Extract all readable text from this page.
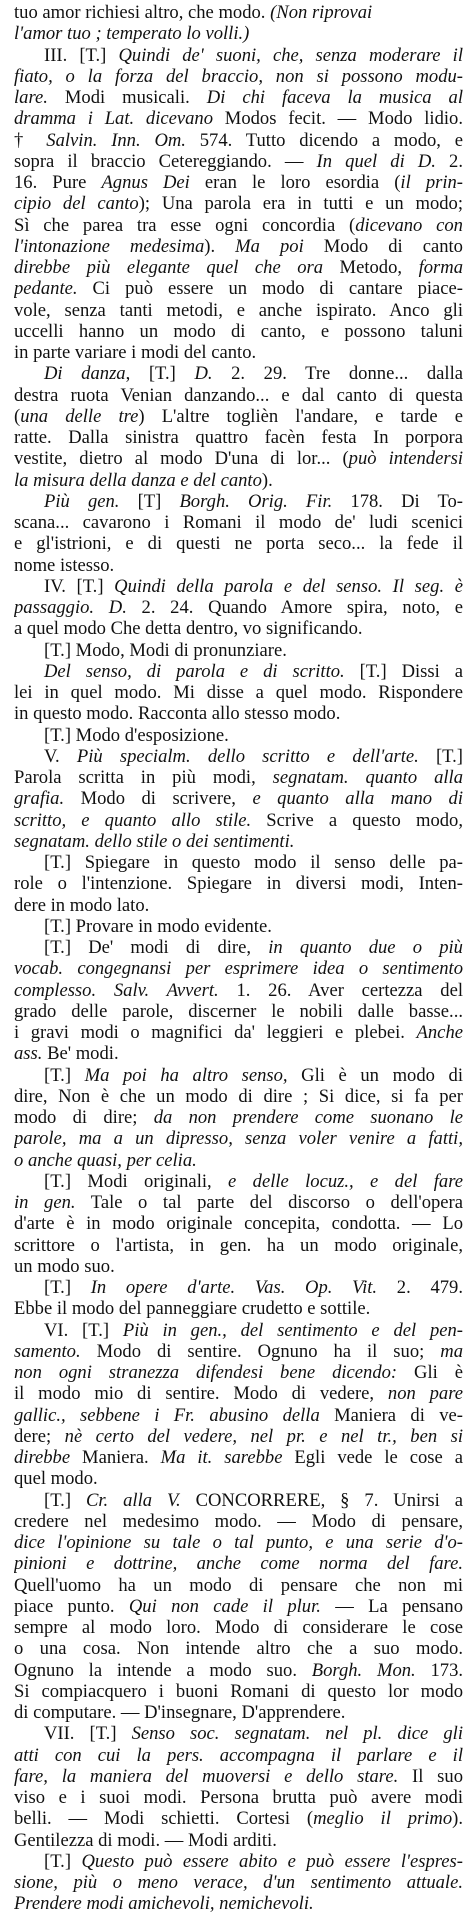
tuo amor richiesi altro, che modo. (Non riprovai
l'amor tuo ; temperato lo volli.)
III. [T.] Quindi de' suoni, che, senza moderare il
fiato, o la forza del braccio, non si possono modu-
lare. Modi musicali. Di chi faceva la musica al
dramma i Lat. dicevano Modos fecit. — Modo lidio.
† Salvin. Inn. Om. 574. Tutto dicendo a modo, e
sopra il braccio Cetereggiando. — In quel di D. 2.
16. Pure Agnus Dei eran le loro esordia (il prin-
cipio del canto); Una parola era in tutti e un modo;
Sì che parea tra esse ogni concordia (dicevano con
l'intonazione medesima). Ma poi Modo di canto
direbbe più elegante quel che ora Metodo, forma
pedante. Ci può essere un modo di cantare piace-
vole, senza tanti metodi, e anche ispirato. Anco gli
uccelli hanno un modo di canto, e possono taluni
in parte variare i modi del canto.
Di danza, [T.] D. 2. 29. Tre donne... dalla
destra ruota Venian danzando... e dal canto di questa
(una delle tre) L'altre toglièn l'andare, e tarde e
ratte. Dalla sinistra quattro facèn festa In porpora
vestite, dietro al modo D'una di lor... (può intendersi
la misura della danza e del canto).
Più gen. [T] Borgh. Orig. Fir. 178. Di To-
scana... cavarono i Romani il modo de' ludi scenici
e gl'istrioni, e di questi ne porta seco... la fede il
nome istesso.
IV. [T.] Quindi della parola e del senso. Il seg. è
passaggio. D. 2. 24. Quando Amore spira, noto, e
a quel modo Che detta dentro, vo significando.
[T.] Modo, Modi di pronunziare.
Del senso, di parola e di scritto. [T.] Dissi a
lei in quel modo. Mi disse a quel modo. Rispondere
in questo modo. Racconta allo stesso modo.
[T.] Modo d'esposizione.
V. Più specialm. dello scritto e dell'arte. [T.]
Parola scritta in più modi, segnatam. quanto alla
grafia. Modo di scrivere, e quanto alla mano di
scritto, e quanto allo stile. Scrive a questo modo,
segnatam. dello stile o dei sentimenti.
[T.] Spiegare in questo modo il senso delle pa-
role o l'intenzione. Spiegare in diversi modi, Inten-
dere in modo lato.
[T.] Provare in modo evidente.
[T.] De' modi di dire, in quanto due o più
vocab. congegnansi per esprimere idea o sentimento
complesso. Salv. Avvert. 1. 26. Aver certezza del
grado delle parole, discerner le nobili dalle basse...
i gravi modi o magnifici da' leggieri e plebei. Anche
ass. Be' modi.
[T.] Ma poi ha altro senso, Gli è un modo di
dire, Non è che un modo di dire ; Si dice, si fa per
modo di dire; da non prendere come suonano le
parole, ma a un dipresso, senza voler venire a fatti,
o anche quasi, per celia.
[T.] Modi originali, e delle locuz., e del fare
in gen. Tale o tal parte del discorso o dell'opera
d'arte è in modo originale concepita, condotta. — Lo
scrittore o l'artista, in gen. ha un modo originale,
un modo suo.
[T.] In opere d'arte. Vas. Op. Vit. 2. 479.
Ebbe il modo del panneggiare crudetto e sottile.
VI. [T.] Più in gen., del sentimento e del pen-
samento. Modo di sentire. Ognuno ha il suo; ma
non ogni stranezza difendesi bene dicendo: Gli è
il modo mio di sentire. Modo di vedere, non pare
gallic., sebbene i Fr. abusino della Maniera di ve-
dere; nè certo del vedere, nel pr. e nel tr., ben si
direbbe Maniera. Ma it. sarebbe Egli vede le cose a
quel modo.
[T.] Cr. alla V. CONCORRERE, § 7. Unirsi a
credere nel medesimo modo. — Modo di pensare,
dice l'opinione su tale o tal punto, e una serie d'o-
pinioni e dottrine, anche come norma del fare.
Quell'uomo ha un modo di pensare che non mi
piace punto. Qui non cade il plur. — La pensano
sempre al modo loro. Modo di considerare le cose
o una cosa. Non intende altro che a suo modo.
Ognuno la intende a modo suo. Borgh. Mon. 173.
Si compiacquero i buoni Romani di questo lor modo
di computare. — D'insegnare, D'apprendere.
VII. [T.] Senso soc. segnatam. nel pl. dice gli
atti con cui la pers. accompagna il parlare e il
fare, la maniera del muoversi e dello stare. Il suo
viso e i suoi modi. Persona brutta può avere modi
belli. — Modi schietti. Cortesi (meglio il primo).
Gentilezza di modi. — Modi arditi.
[T.] Questo può essere abito e può essere l'espres-
sione, più o meno verace, d'un sentimento attuale.
Prendere modi amichevoli, nemichevoli.
